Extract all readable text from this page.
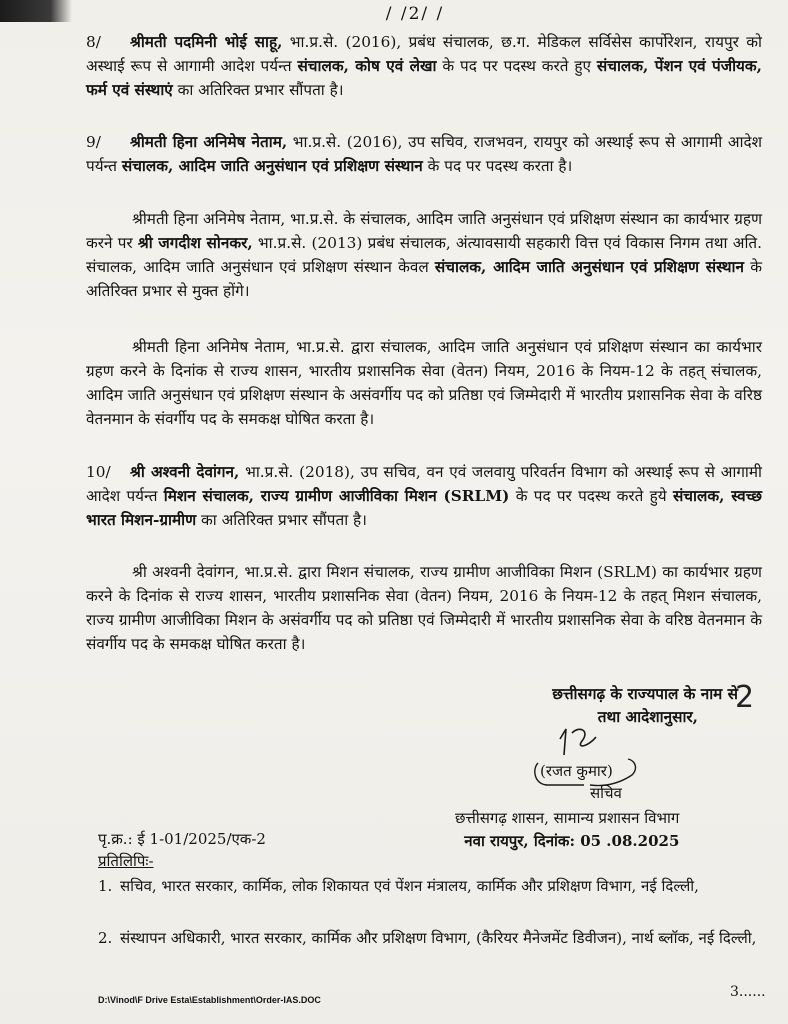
/ /2/ /
8/ श्रीमती पदमिनी भोई साहू, भा.प्र.से. (2016), प्रबंध संचालक, छ.ग. मेडिकल सर्विसेस कार्पोरेशन, रायपुर को अस्थाई रूप से आगामी आदेश पर्यन्त संचालक, कोष एवं लेखा के पद पर पदस्थ करते हुए संचालक, पेंशन एवं पंजीयक, फर्म एवं संस्थाएं का अतिरिक्त प्रभार सौंपता है।
9/ श्रीमती हिना अनिमेष नेताम, भा.प्र.से. (2016), उप सचिव, राजभवन, रायपुर को अस्थाई रूप से आगामी आदेश पर्यन्त संचालक, आदिम जाति अनुसंधान एवं प्रशिक्षण संस्थान के पद पर पदस्थ करता है।
श्रीमती हिना अनिमेष नेताम, भा.प्र.से. के संचालक, आदिम जाति अनुसंधान एवं प्रशिक्षण संस्थान का कार्यभार ग्रहण करने पर श्री जगदीश सोनकर, भा.प्र.से. (2013) प्रबंध संचालक, अंत्यावसायी सहकारी वित्त एवं विकास निगम तथा अति. संचालक, आदिम जाति अनुसंधान एवं प्रशिक्षण संस्थान केवल संचालक, आदिम जाति अनुसंधान एवं प्रशिक्षण संस्थान के अतिरिक्त प्रभार से मुक्त होंगे।
श्रीमती हिना अनिमेष नेताम, भा.प्र.से. द्वारा संचालक, आदिम जाति अनुसंधान एवं प्रशिक्षण संस्थान का कार्यभार ग्रहण करने के दिनांक से राज्य शासन, भारतीय प्रशासनिक सेवा (वेतन) नियम, 2016 के नियम-12 के तहत् संचालक, आदिम जाति अनुसंधान एवं प्रशिक्षण संस्थान के असंवर्गीय पद को प्रतिष्ठा एवं जिम्मेदारी में भारतीय प्रशासनिक सेवा के वरिष्ठ वेतनमान के संवर्गीय पद के समकक्ष घोषित करता है।
10/ श्री अश्वनी देवांगन, भा.प्र.से. (2018), उप सचिव, वन एवं जलवायु परिवर्तन विभाग को अस्थाई रूप से आगामी आदेश पर्यन्त मिशन संचालक, राज्य ग्रामीण आजीविका मिशन (SRLM) के पद पर पदस्थ करते हुये संचालक, स्वच्छ भारत मिशन-ग्रामीण का अतिरिक्त प्रभार सौंपता है।
श्री अश्वनी देवांगन, भा.प्र.से. द्वारा मिशन संचालक, राज्य ग्रामीण आजीविका मिशन (SRLM) का कार्यभार ग्रहण करने के दिनांक से राज्य शासन, भारतीय प्रशासनिक सेवा (वेतन) नियम, 2016 के नियम-12 के तहत् मिशन संचालक, राज्य ग्रामीण आजीविका मिशन के असंवर्गीय पद को प्रतिष्ठा एवं जिम्मेदारी में भारतीय प्रशासनिक सेवा के वरिष्ठ वेतनमान के संवर्गीय पद के समकक्ष घोषित करता है।
छत्तीसगढ़ के राज्यपाल के नाम से
तथा आदेशानुसार,
2
(रजत कुमार)
सचिव
छत्तीसगढ़ शासन, सामान्य प्रशासन विभाग
नवा रायपुर, दिनांक: 05 .08.2025
पृ.क्र.: ई 1-01/2025/एक-2
प्रतिलिपिः-
1. सचिव, भारत सरकार, कार्मिक, लोक शिकायत एवं पेंशन मंत्रालय, कार्मिक और प्रशिक्षण विभाग, नई दिल्ली,
2. संस्थापन अधिकारी, भारत सरकार, कार्मिक और प्रशिक्षण विभाग, (कैरियर मैनेजमेंट डिवीजन), नार्थ ब्लॉक, नई दिल्ली,
3......
D:\Vinod\F Drive Esta\Establishment\Order-IAS.DOC
